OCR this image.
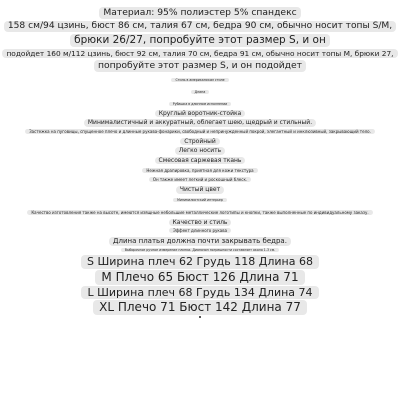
Материал: 95% полиэстер 5% спандекс
158 см/94 цзинь, бюст 86 см, талия 67 см, бедра 90 см, обычно носит топы S/M,
брюки 26/27, попробуйте этот размер S, и он
подойдет 160 м/112 цзинь, бюст 92 см, талия 70 см, бедра 91 см, обычно носит топы M, брюки 27,
попробуйте этот размер S, и он подойдет
Стиль в американском стиле
Длина
Рубашка в длинном исполнении
Круглый воротник-стойка
Минималистичный и аккуратный, облегает шею, щедрый и стильный.
Застежка на пуговицы, спущенное плечо и длинные рукава-фонарики, свободный и непринужденный покрой, элегантный и инклюзивный, закрывающий тело.
Стройный
Легко носить
Смесовая саржевая ткань
Нежная драпировка, приятная для кожи текстура
Он также имеет легкий и роскошный блеск.
Чистый цвет
Минималистский интерьер
Качество изготовления также на высоте, имеются изящные небольшие металлические логотипы и кнопки, также выполненные по индивидуальному заказу.
Качество и стиль
Эффект длинного рукава
Длина платья должна почти закрывать бедра.
Выборочное ручное измерение плитки. Диапазон погрешности составляет около 1-3 см.
S Ширина плеч 62 Грудь 118 Длина 68
M Плечо 65 Бюст 126 Длина 71
L Ширина плеч 68 Грудь 134 Длина 74
XL Плечо 71 Бюст 142 Длина 77
